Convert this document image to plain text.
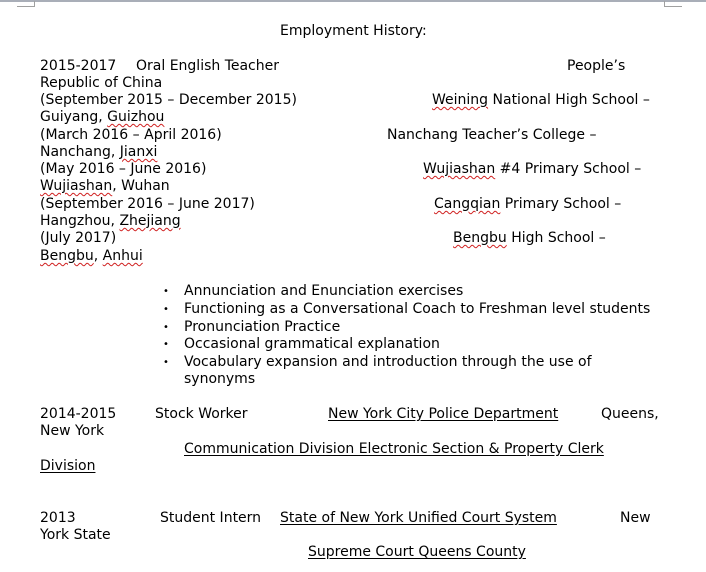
Employment History:
2015-2017 Oral English Teacher	People’s
Republic of China
(September 2015 – December 2015)	Weining National High School –
Guiyang, Guizhou
(March 2016 – April 2016)	Nanchang Teacher’s College –
Nanchang, Jianxi
(May 2016 – June 2016)	Wujiashan #4 Primary School –
Wujiashan, Wuhan
(September 2016 – June 2017)	Cangqian Primary School –
Hangzhou, Zhejiang
(July 2017)	Bengbu High School –
Bengbu, Anhui
• Annunciation and Enunciation exercises
• Functioning as a Conversational Coach to Freshman level students
• Pronunciation Practice
• Occasional grammatical explanation
• Vocabulary expansion and introduction through the use of
synonyms
2014-2015	Stock Worker	New York City Police Department	Queens,
New York
Communication Division Electronic Section & Property Clerk
Division
2013	Student Intern State of New York Unified Court System	New
York State
Supreme Court Queens County
